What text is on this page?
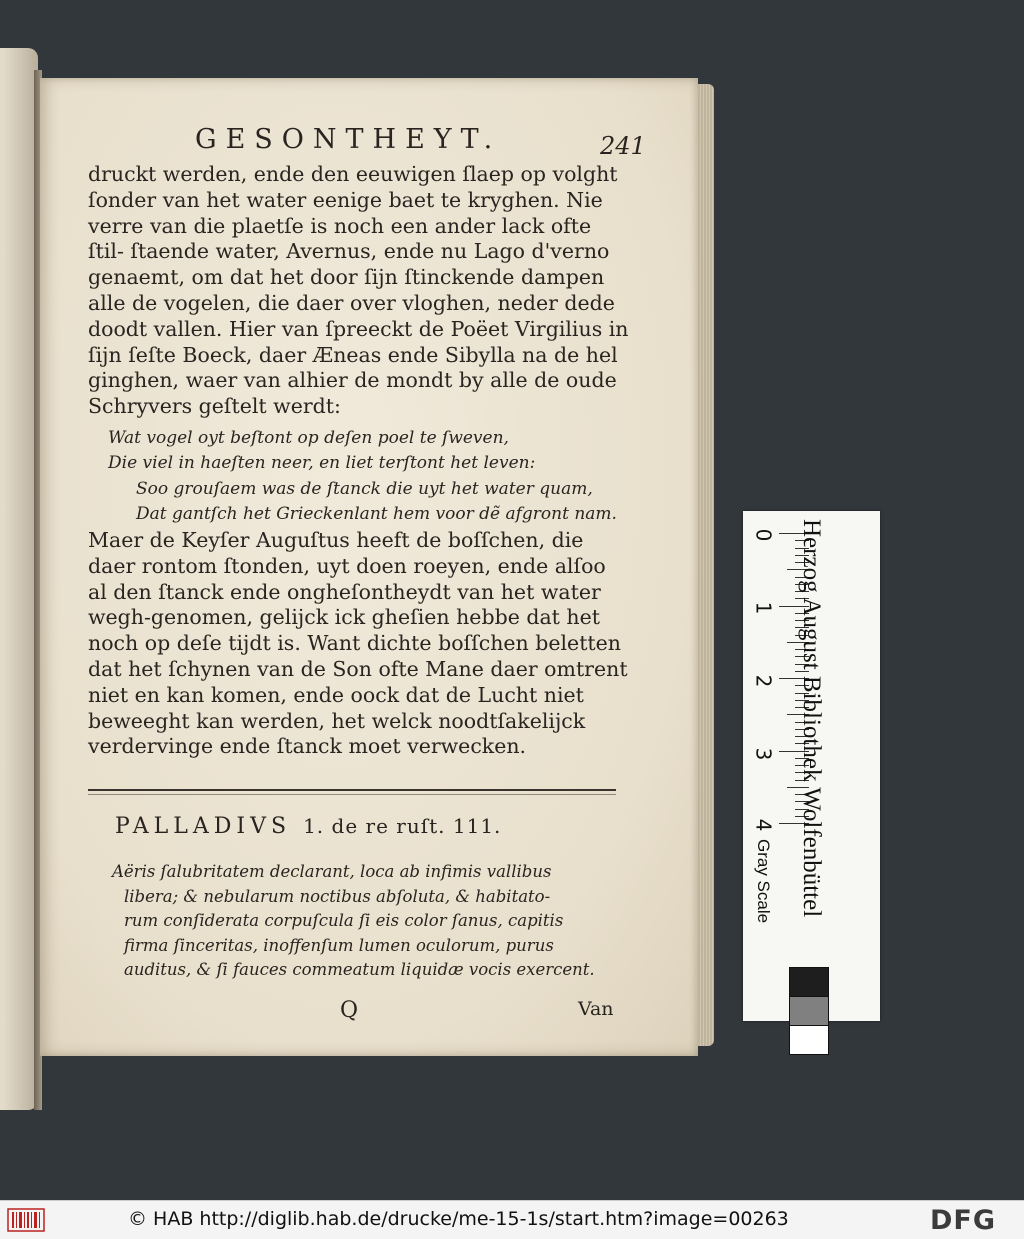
GESONTHEYT.	241
druckt werden, ende den eeuwigen ſlaep op volght
ſonder van het water eenige baet te kryghen. Nie
verre van die plaetſe is noch een ander lack ofte
ſtil- ſtaende water, Avernus, ende nu Lago d'verno
genaemt, om dat het door ſijn ſtinckende dampen
alle de vogelen, die daer over vloghen, neder dede
doodt vallen. Hier van ſpreeckt de Poëet Virgilius in
ſijn ſeſte Boeck, daer Æneas ende Sibylla na de hel
ginghen, waer van alhier de mondt by alle de oude
Schryvers geſtelt werdt:
Wat vogel oyt beſtont op deſen poel te ſweven,
Die viel in haeſten neer, en liet terſtont het leven:
Soo grouſaem was de ſtanck die uyt het water quam,
Dat gantſch het Grieckenlant hem voor dẽ afgront nam.
Maer de Keyſer Auguſtus heeft de boſſchen, die
daer rontom ſtonden, uyt doen roeyen, ende alſoo
al den ſtanck ende ongheſontheydt van het water
wegh-genomen, gelijck ick gheſien hebbe dat het
noch op deſe tijdt is. Want dichte boſſchen beletten
dat het ſchynen van de Son ofte Mane daer omtrent
niet en kan komen, ende oock dat de Lucht niet
beweeght kan werden, het welck noodtſakelijck
verdervinge ende ſtanck moet verwecken.
PALLADIVS 1. de re ruſt. 111.
Aëris ſalubritatem declarant, loca ab infimis vallibus
libera; & nebularum noctibus abſoluta, & habitato-
rum conſiderata corpuſcula ſi eis color ſanus, capitis
firma ſinceritas, inoffenſum lumen oculorum, purus
auditus, & ſi fauces commeatum liquidæ vocis exercent.
Q	Van
0
1
2
3
4 Herzog August Bibliothek Wolfenbüttel
Gray Scale
© HAB http://diglib.hab.de/drucke/me-15-1s/start.htm?image=00263	DFG
